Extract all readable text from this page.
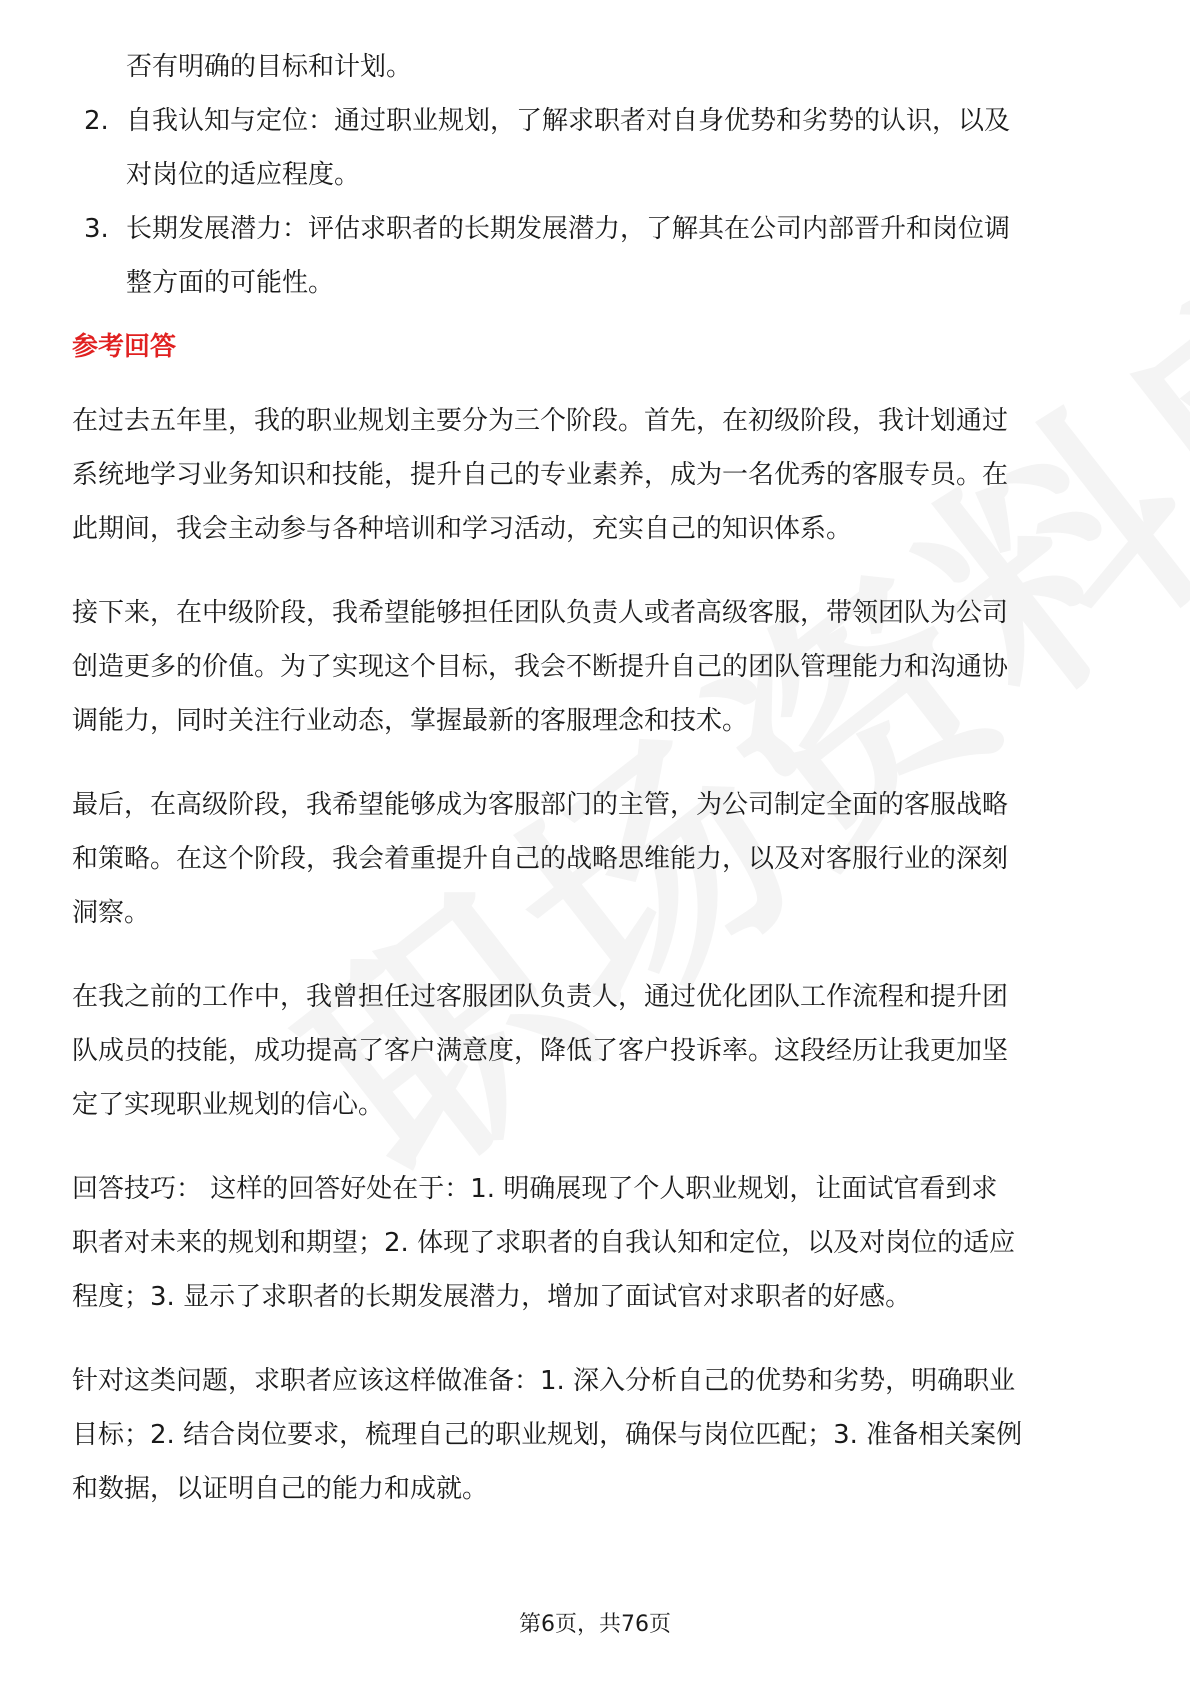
否有明确的目标和计划。
2. 自我认知与定位：通过职业规划，了解求职者对自身优势和劣势的认识，以及
对岗位的适应程度。
3. 长期发展潜力：评估求职者的长期发展潜力，了解其在公司内部晋升和岗位调
整方面的可能性。
参考回答
在过去五年里，我的职业规划主要分为三个阶段。首先，在初级阶段，我计划通过
系统地学习业务知识和技能，提升自己的专业素养，成为一名优秀的客服专员。在
此期间，我会主动参与各种培训和学习活动，充实自己的知识体系。
接下来，在中级阶段，我希望能够担任团队负责人或者高级客服，带领团队为公司
创造更多的价值。为了实现这个目标，我会不断提升自己的团队管理能力和沟通协
调能力，同时关注行业动态，掌握最新的客服理念和技术。
最后，在高级阶段，我希望能够成为客服部门的主管，为公司制定全面的客服战略
和策略。在这个阶段，我会着重提升自己的战略思维能力，以及对客服行业的深刻
洞察。
在我之前的工作中，我曾担任过客服团队负责人，通过优化团队工作流程和提升团
队成员的技能，成功提高了客户满意度，降低了客户投诉率。这段经历让我更加坚
定了实现职业规划的信心。
回答技巧： 这样的回答好处在于：1. 明确展现了个人职业规划，让面试官看到求
职者对未来的规划和期望；2. 体现了求职者的自我认知和定位，以及对岗位的适应
程度；3. 显示了求职者的长期发展潜力，增加了面试官对求职者的好感。
针对这类问题，求职者应该这样做准备：1. 深入分析自己的优势和劣势，明确职业
目标；2. 结合岗位要求，梳理自己的职业规划，确保与岗位匹配；3. 准备相关案例
和数据，以证明自己的能力和成就。
第6页，共76页
